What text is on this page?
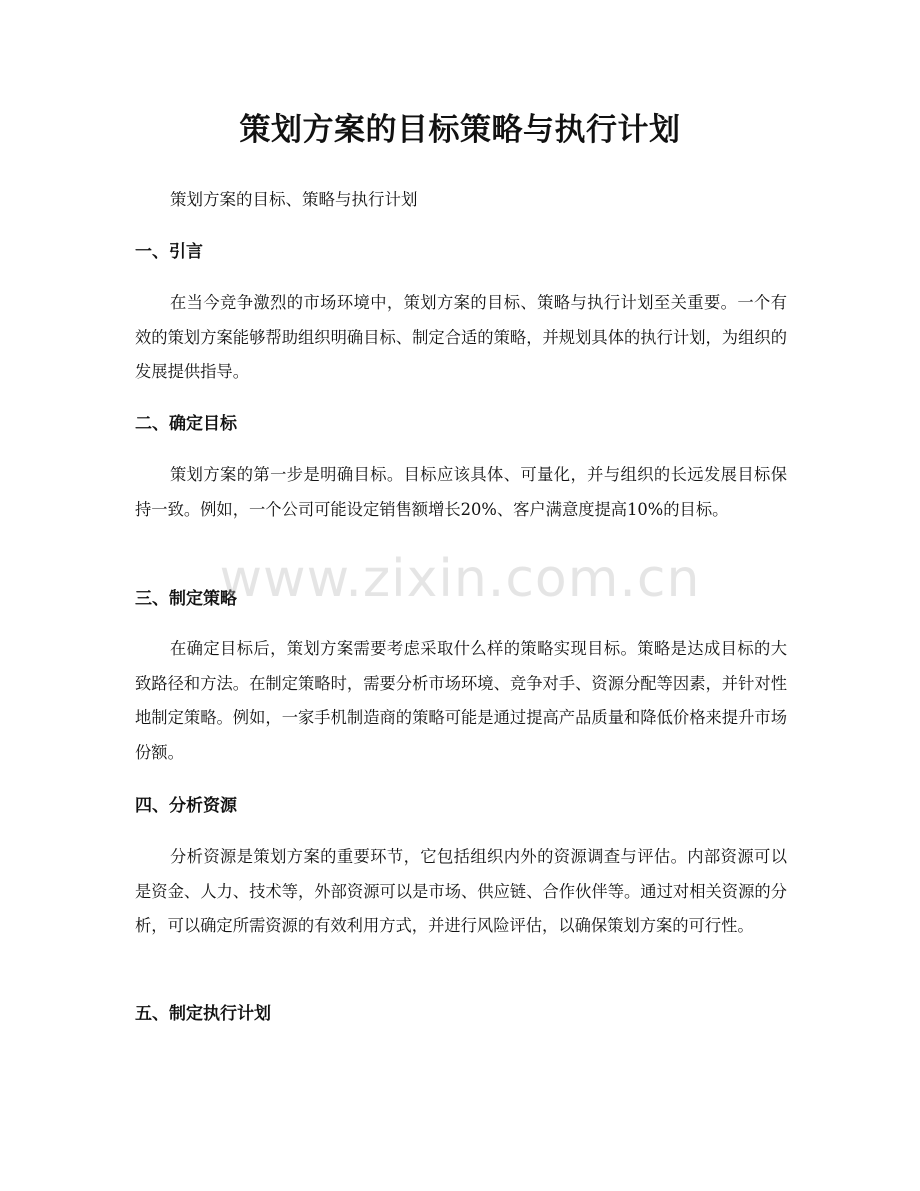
策划方案的目标策略与执行计划

策划方案的目标、策略与执行计划

一、引言

在当今竞争激烈的市场环境中，策划方案的目标、策略与执行计划至关重要。一个有效的策划方案能够帮助组织明确目标、制定合适的策略，并规划具体的执行计划，为组织的发展提供指导。

二、确定目标

策划方案的第一步是明确目标。目标应该具体、可量化，并与组织的长远发展目标保持一致。例如，一个公司可能设定销售额增长20%、客户满意度提高10%的目标。

三、制定策略

在确定目标后，策划方案需要考虑采取什么样的策略实现目标。策略是达成目标的大致路径和方法。在制定策略时，需要分析市场环境、竞争对手、资源分配等因素，并针对性地制定策略。例如，一家手机制造商的策略可能是通过提高产品质量和降低价格来提升市场份额。

四、分析资源

分析资源是策划方案的重要环节，它包括组织内外的资源调查与评估。内部资源可以是资金、人力、技术等，外部资源可以是市场、供应链、合作伙伴等。通过对相关资源的分析，可以确定所需资源的有效利用方式，并进行风险评估，以确保策划方案的可行性。

五、制定执行计划
www.zixin.com.cn
